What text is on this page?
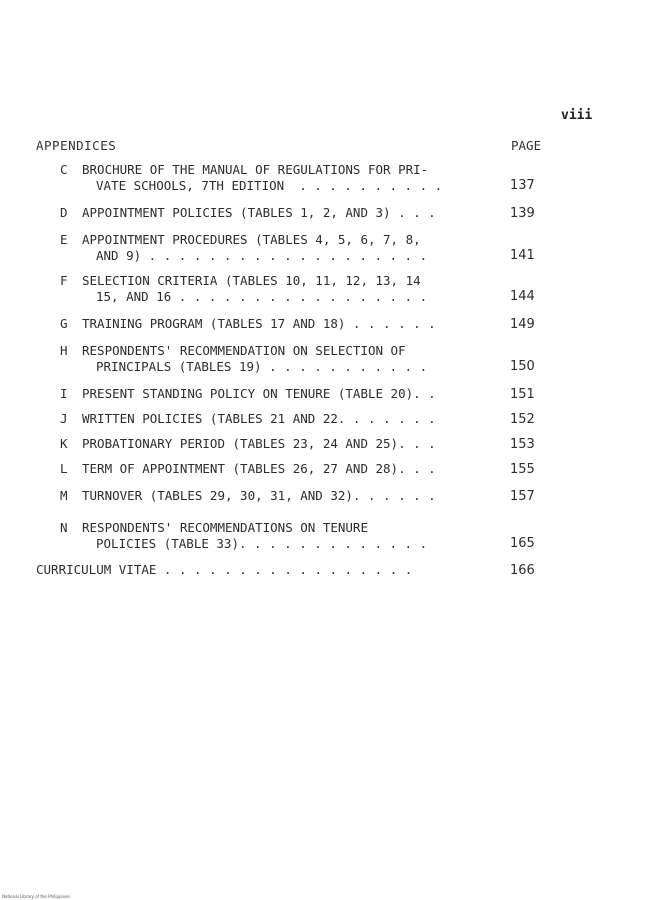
viii
APPENDICES	PAGE
C	BROCHURE OF THE MANUAL OF REGULATIONS FOR PRI-
VATE SCHOOLS, 7TH EDITION  . . . . . . . . . .	137
D	APPOINTMENT POLICIES (TABLES 1, 2, AND 3) . . .	139
E	APPOINTMENT PROCEDURES (TABLES 4, 5, 6, 7, 8,
AND 9) . . . . . . . . . . . . . . . . . . .	141
F	SELECTION CRITERIA (TABLES 10, 11, 12, 13, 14
15, AND 16 . . . . . . . . . . . . . . . . .	144
G	TRAINING PROGRAM (TABLES 17 AND 18) . . . . . .	149
H	RESPONDENTS' RECOMMENDATION ON SELECTION OF
PRINCIPALS (TABLES 19) . . . . . . . . . . .	150
I	PRESENT STANDING POLICY ON TENURE (TABLE 20). .	151
J	WRITTEN POLICIES (TABLES 21 AND 22. . . . . . .	152
K	PROBATIONARY PERIOD (TABLES 23, 24 AND 25). . .	153
L	TERM OF APPOINTMENT (TABLES 26, 27 AND 28). . .	155
M	TURNOVER (TABLES 29, 30, 31, AND 32). . . . . .	157
N	RESPONDENTS' RECOMMENDATIONS ON TENURE
POLICIES (TABLE 33). . . . . . . . . . . . .	165
CURRICULUM VITAE . . . . . . . . . . . . . . . . .	166
National Library of the Philippines
